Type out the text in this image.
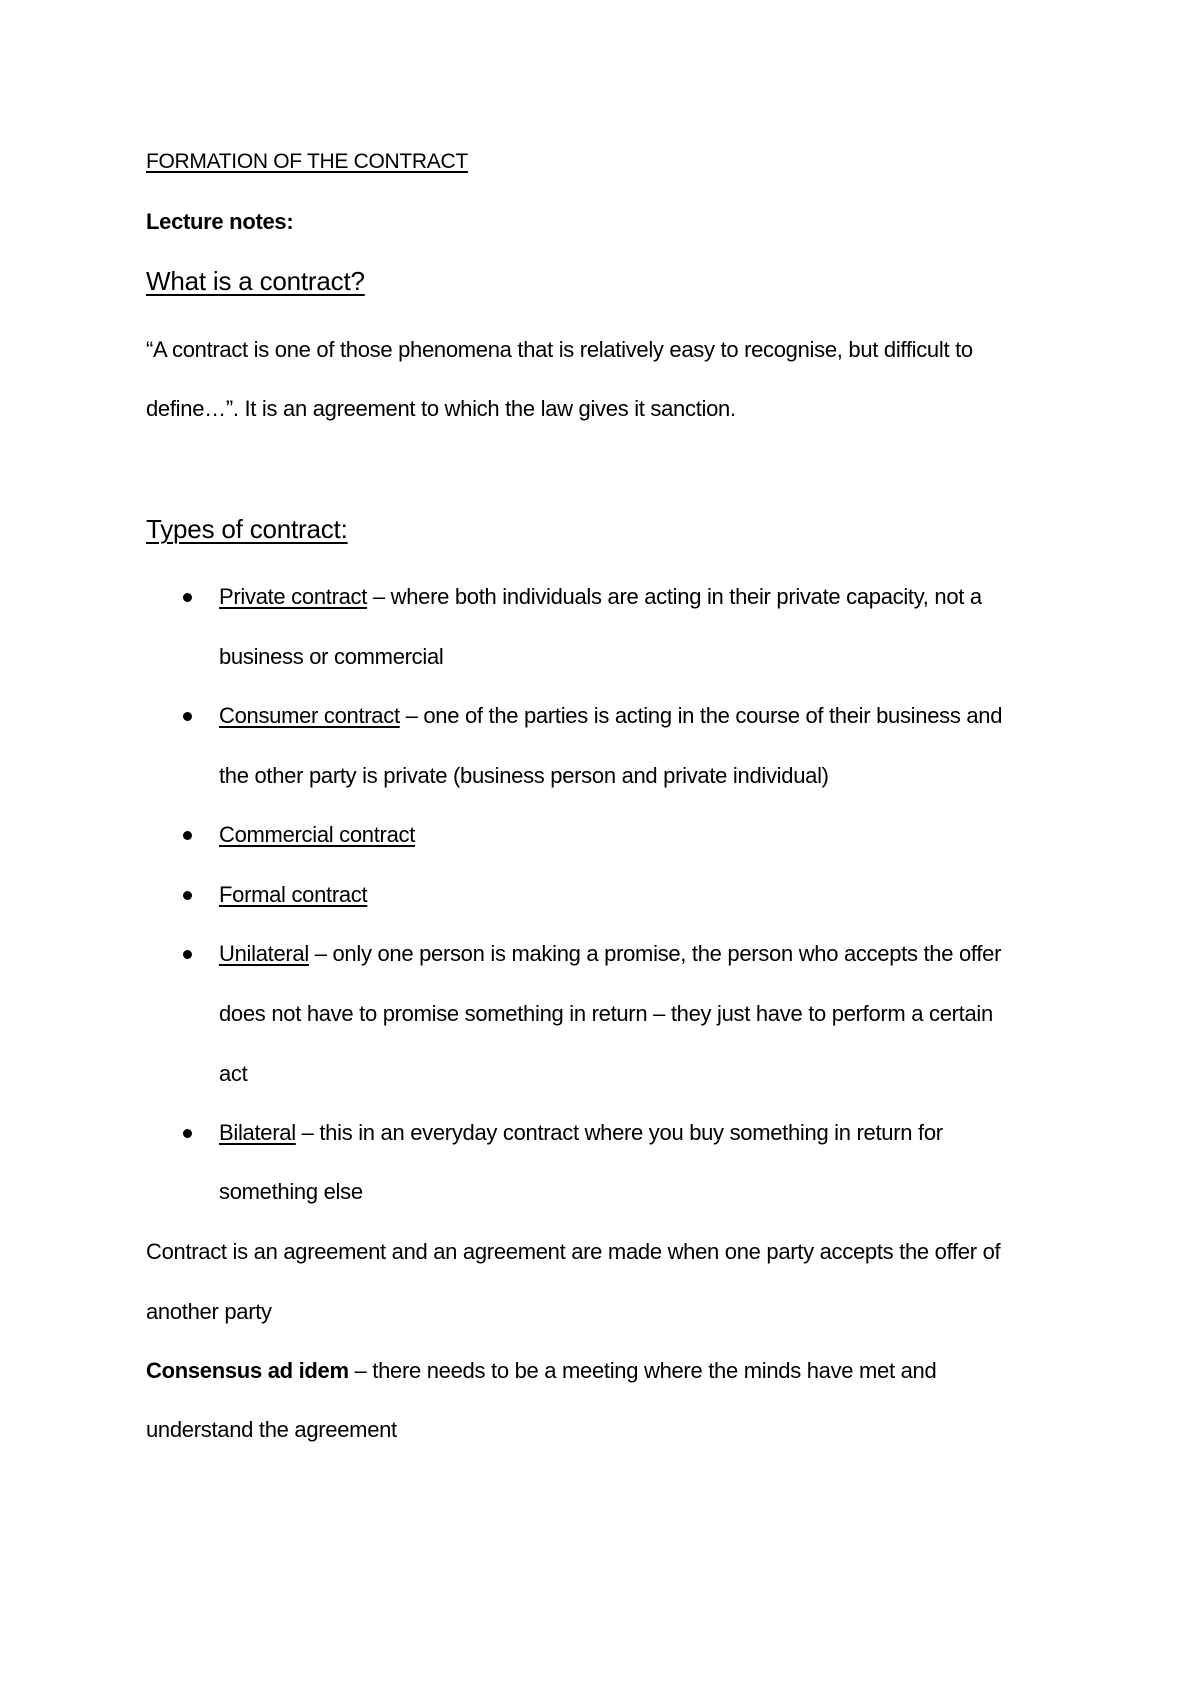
FORMATION OF THE CONTRACT

Lecture notes:

What is a contract?

“A contract is one of those phenomena that is relatively easy to recognise, but difficult to

define…”. It is an agreement to which the law gives it sanction.

Types of contract:

Private contract – where both individuals are acting in their private capacity, not a

business or commercial

Consumer contract – one of the parties is acting in the course of their business and

the other party is private (business person and private individual)

Commercial contract

Formal contract

Unilateral – only one person is making a promise, the person who accepts the offer

does not have to promise something in return – they just have to perform a certain

act

Bilateral – this in an everyday contract where you buy something in return for

something else

Contract is an agreement and an agreement are made when one party accepts the offer of

another party

Consensus ad idem – there needs to be a meeting where the minds have met and

understand the agreement
